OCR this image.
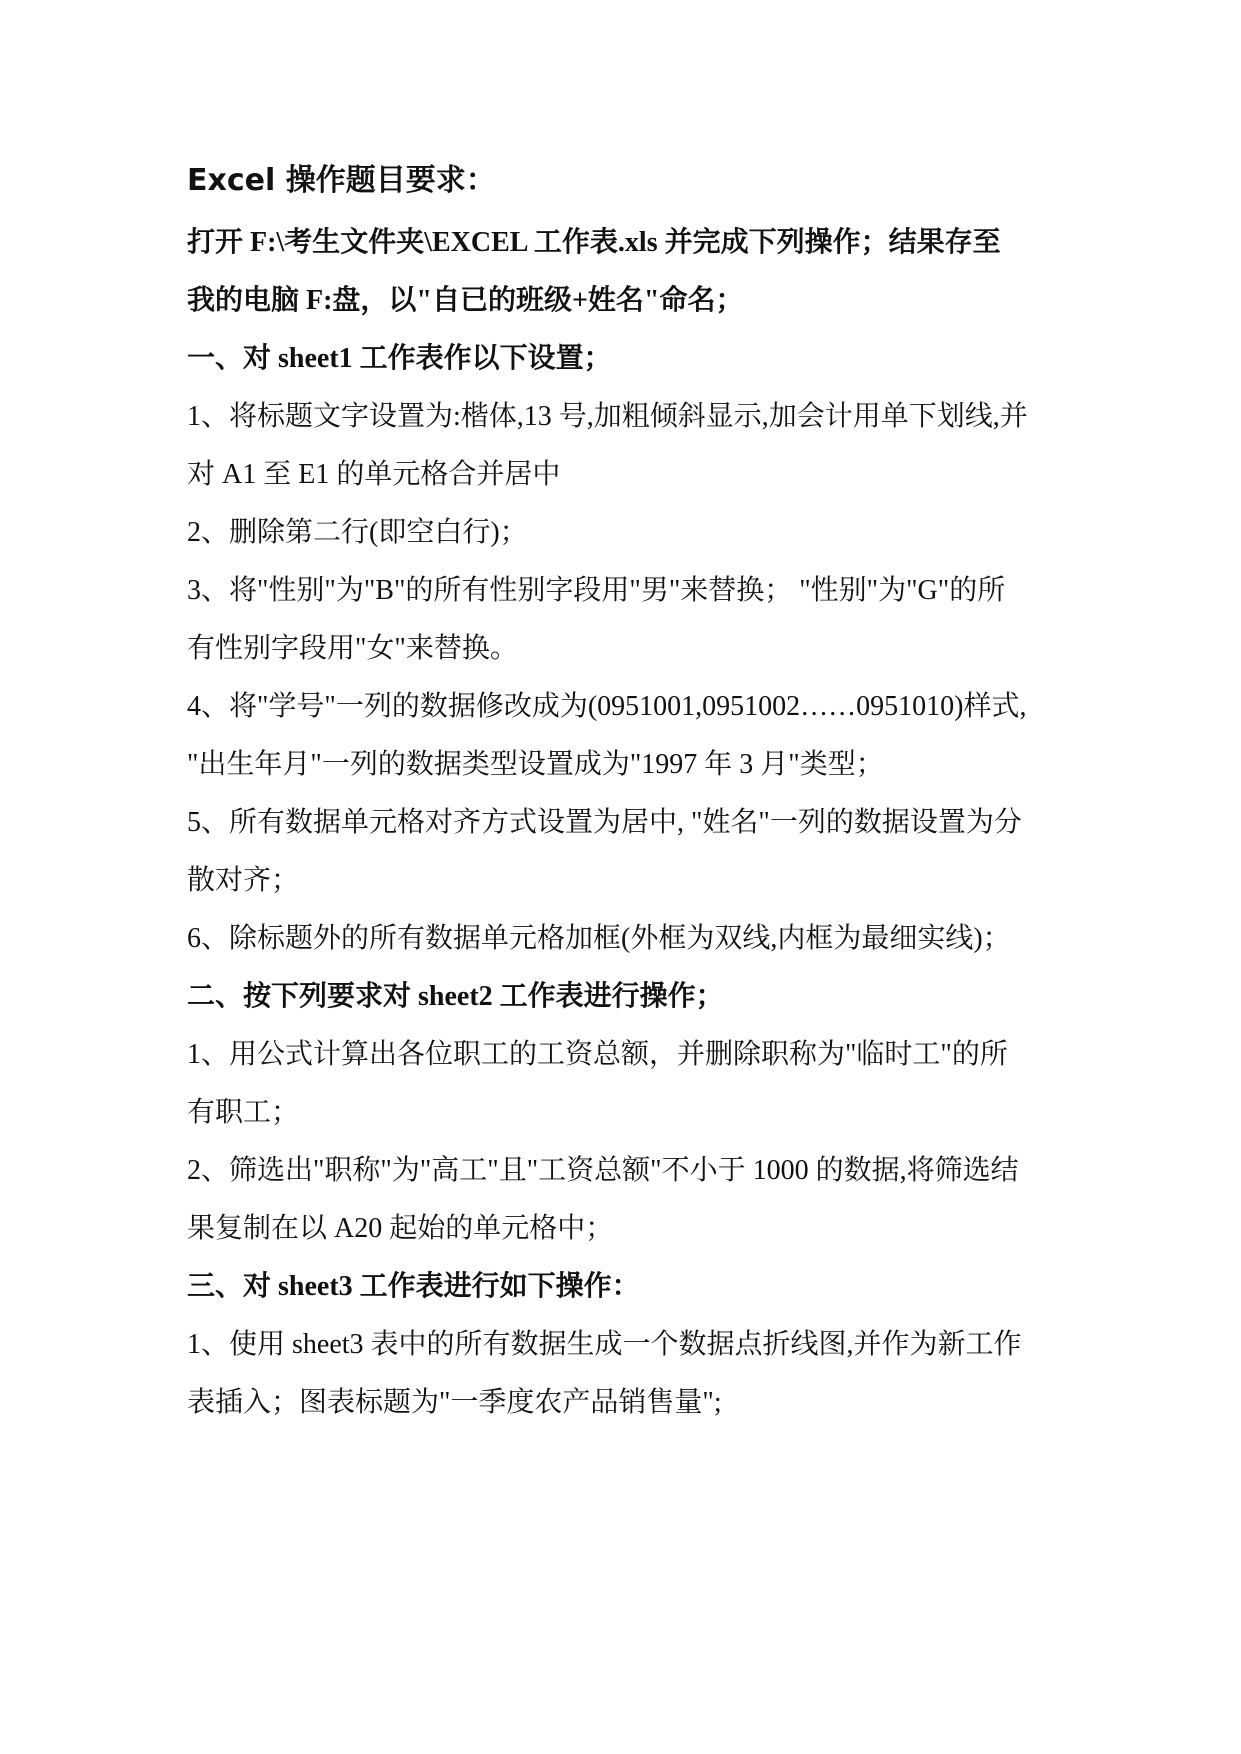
Excel 操作题目要求：
打开 F:\考生文件夹\EXCEL 工作表.xls 并完成下列操作；结果存至
我的电脑 F:盘，以"自已的班级+姓名"命名；
一、对 sheet1 工作表作以下设置；
1、将标题文字设置为:楷体,13 号,加粗倾斜显示,加会计用单下划线,并
对 A1 至 E1 的单元格合并居中
2、删除第二行(即空白行)；
3、将"性别"为"B"的所有性别字段用"男"来替换； "性别"为"G"的所
有性别字段用"女"来替换。
4、将"学号"一列的数据修改成为(0951001,0951002……0951010)样式,
"出生年月"一列的数据类型设置成为"1997 年 3 月"类型；
5、所有数据单元格对齐方式设置为居中, "姓名"一列的数据设置为分
散对齐；
6、除标题外的所有数据单元格加框(外框为双线,内框为最细实线)；
二、按下列要求对 sheet2 工作表进行操作；
1、用公式计算出各位职工的工资总额，并删除职称为"临时工"的所
有职工；
2、筛选出"职称"为"高工"且"工资总额"不小于 1000 的数据,将筛选结
果复制在以 A20 起始的单元格中；
三、对 sheet3 工作表进行如下操作：
1、使用 sheet3 表中的所有数据生成一个数据点折线图,并作为新工作
表插入；图表标题为"一季度农产品销售量";
